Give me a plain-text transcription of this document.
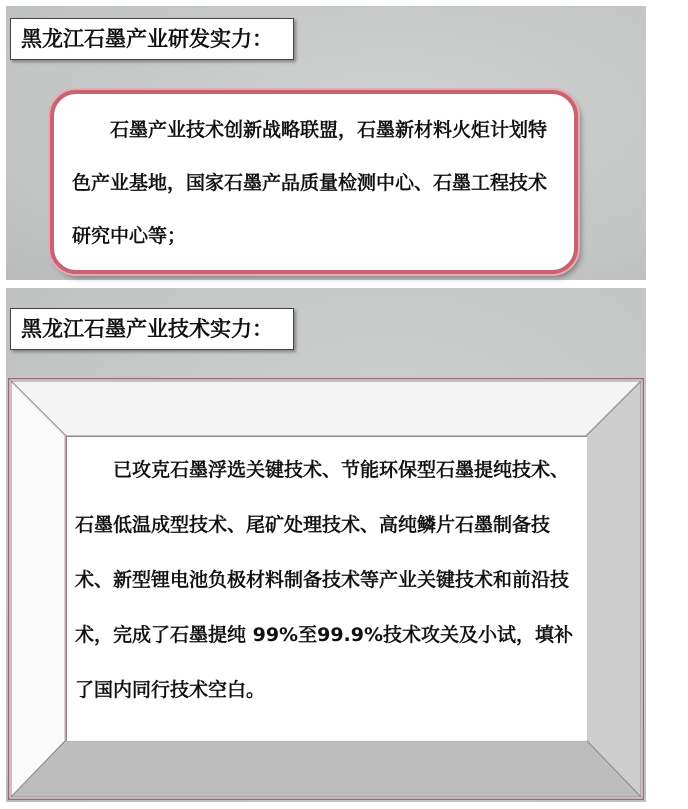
黑龙江石墨产业研发实力：

石墨产业技术创新战略联盟，石墨新材料火炬计划特色产业基地，国家石墨产品质量检测中心、石墨工程技术研究中心等；

黑龙江石墨产业技术实力：

已攻克石墨浮选关键技术、节能环保型石墨提纯技术、石墨低温成型技术、尾矿处理技术、高纯鳞片石墨制备技术、新型锂电池负极材料制备技术等产业关键技术和前沿技术，完成了石墨提纯 99%至99.9%技术攻关及小试，填补了国内同行技术空白。
